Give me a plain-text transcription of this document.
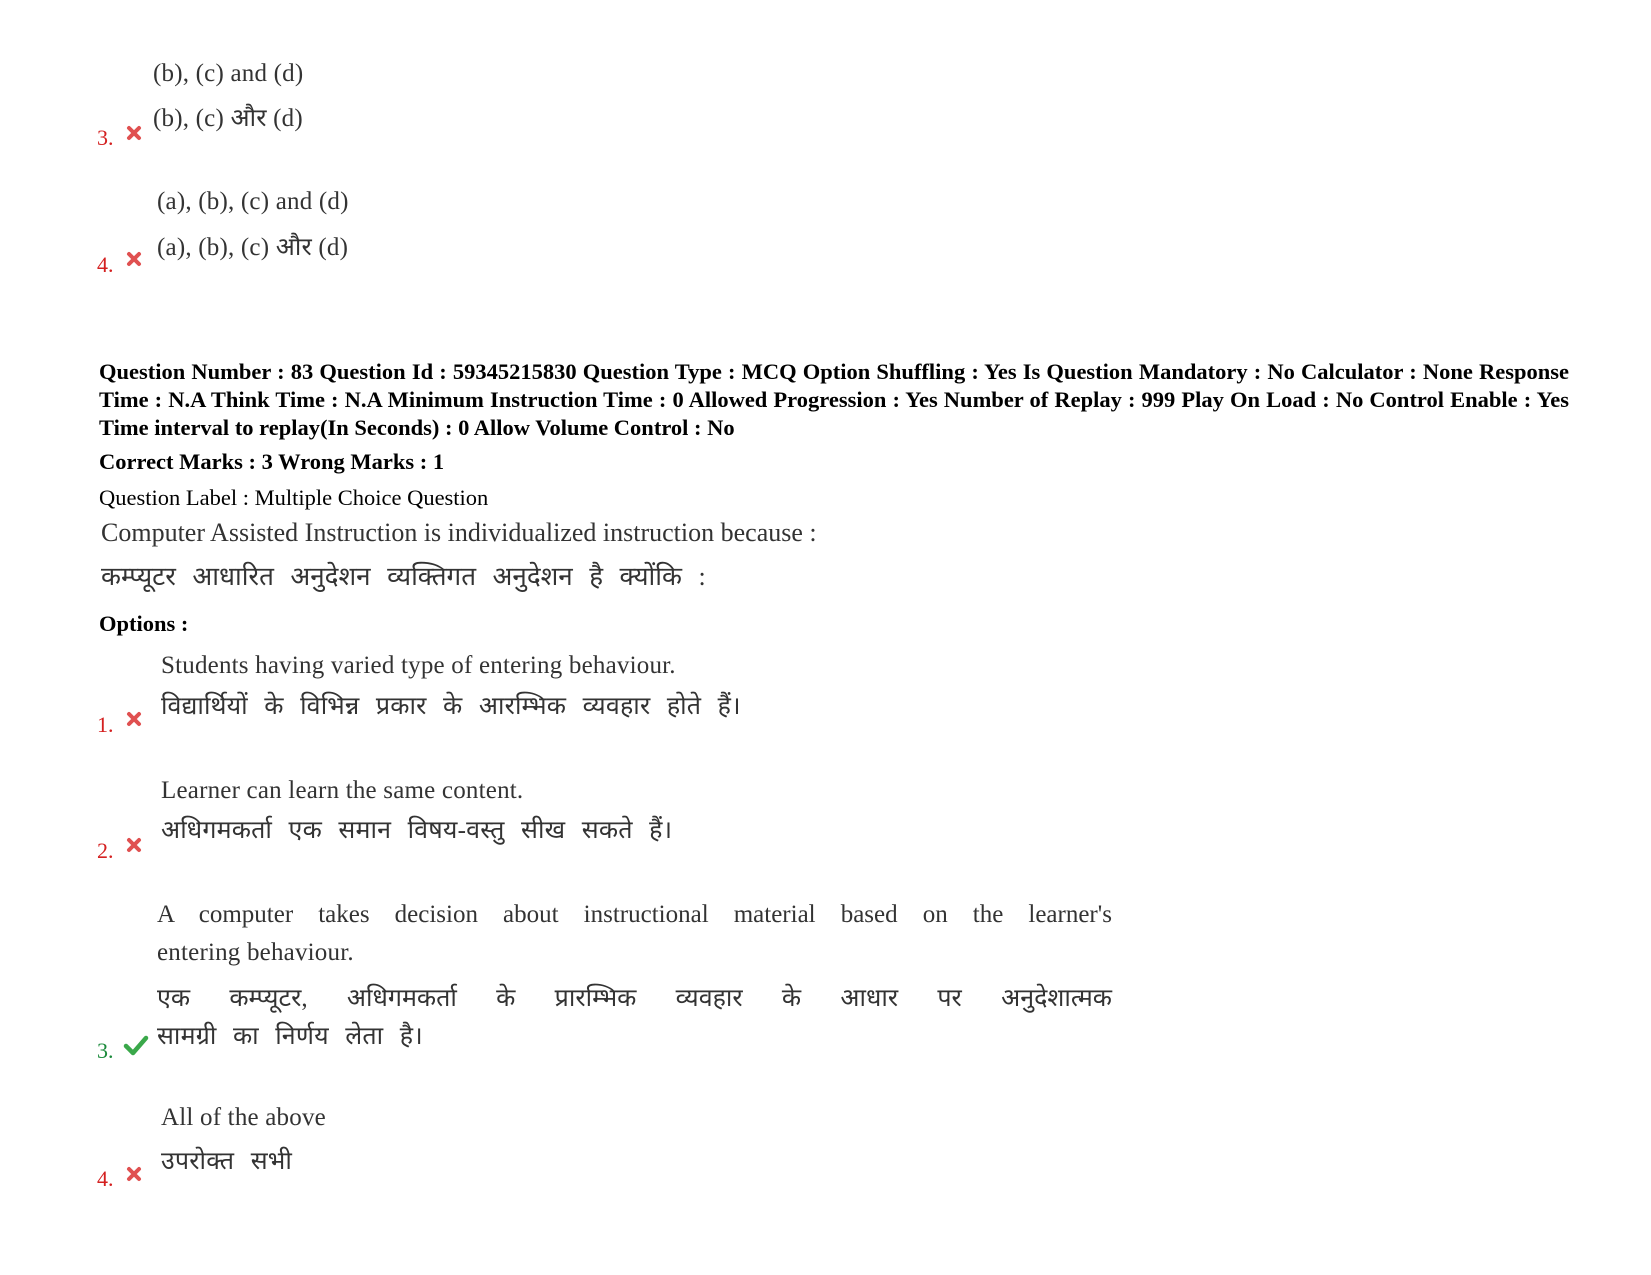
(b), (c) and (d)
(b), (c) और (d)
3.
(a), (b), (c) and (d)
(a), (b), (c) और (d)
4.
Question Number : 83 Question Id : 59345215830 Question Type : MCQ Option Shuffling : Yes Is Question Mandatory : No Calculator : None Response Time : N.A Think Time : N.A Minimum Instruction Time : 0 Allowed Progression : Yes Number of Replay : 999 Play On Load : No Control Enable : Yes Time interval to replay(In Seconds) : 0 Allow Volume Control : No
Correct Marks : 3 Wrong Marks : 1
Question Label : Multiple Choice Question
Computer Assisted Instruction is individualized instruction because :
कम्प्यूटर आधारित अनुदेशन व्यक्तिगत अनुदेशन है क्योंकि :
Options :
Students having varied type of entering behaviour.
विद्यार्थियों के विभिन्न प्रकार के आरम्भिक व्यवहार होते हैं।
1.
Learner can learn the same content.
अधिगमकर्ता एक समान विषय-वस्तु सीख सकते हैं।
2.
A computer takes decision about instructional material based on the learner's
entering behaviour.
एक कम्प्यूटर, अधिगमकर्ता के प्रारम्भिक व्यवहार के आधार पर अनुदेशात्मक
सामग्री का निर्णय लेता है।
3.
All of the above
उपरोक्त सभी
4.
